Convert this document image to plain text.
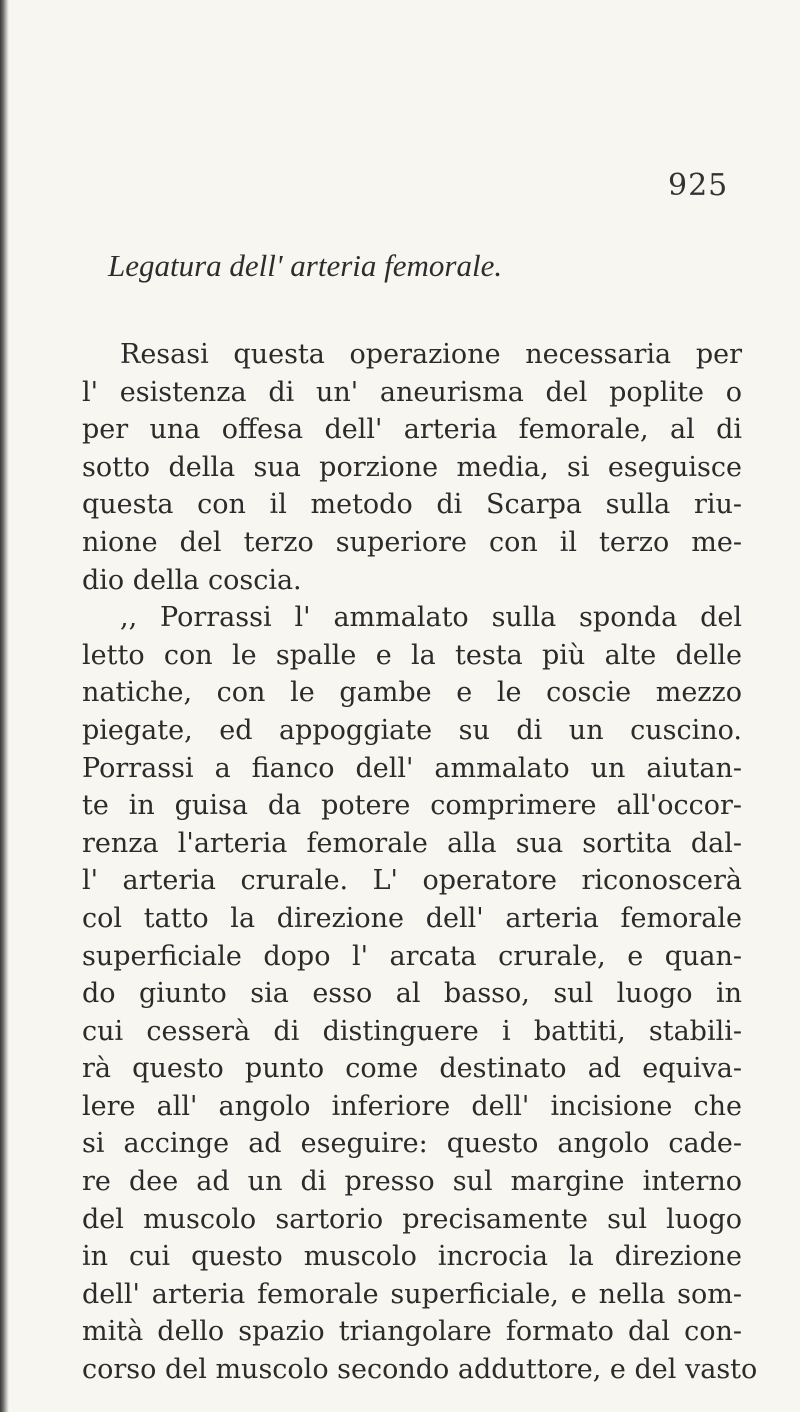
925
Legatura dell' arteria femorale.
Resasi questa operazione necessaria per
l' esistenza di un' aneurisma del poplite o
per una offesa dell' arteria femorale, al di
sotto della sua porzione media, si eseguisce
questa con il metodo di Scarpa sulla riu-
nione del terzo superiore con il terzo me-
dio della coscia.
,, Porrassi l' ammalato sulla sponda del
letto con le spalle e la testa più alte delle
natiche, con le gambe e le coscie mezzo
piegate, ed appoggiate su di un cuscino.
Porrassi a fianco dell' ammalato un aiutan-
te in guisa da potere comprimere all'occor-
renza l'arteria femorale alla sua sortita dal-
l' arteria crurale. L' operatore riconoscerà
col tatto la direzione dell' arteria femorale
superficiale dopo l' arcata crurale, e quan-
do giunto sia esso al basso, sul luogo in
cui cesserà di distinguere i battiti, stabili-
rà questo punto come destinato ad equiva-
lere all' angolo inferiore dell' incisione che
si accinge ad eseguire: questo angolo cade-
re dee ad un di presso sul margine interno
del muscolo sartorio precisamente sul luogo
in cui questo muscolo incrocia la direzione
dell' arteria femorale superficiale, e nella som-
mità dello spazio triangolare formato dal con-
corso del muscolo secondo adduttore, e del vasto
